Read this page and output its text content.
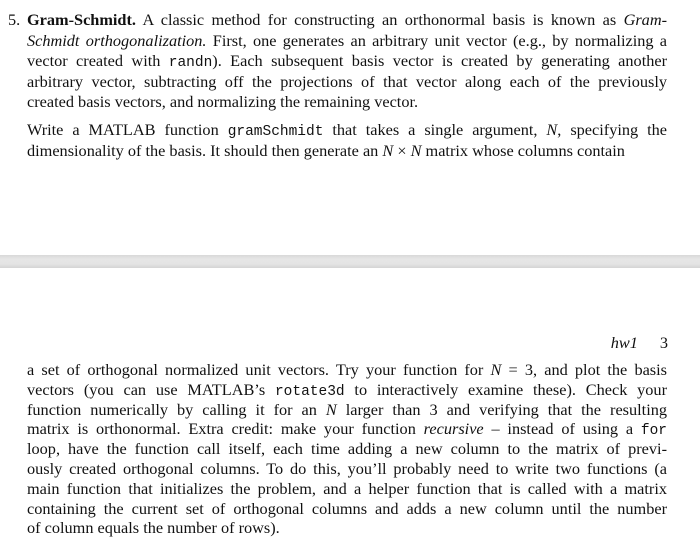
5. Gram-Schmidt. A classic method for constructing an orthonormal basis is known as Gram-
Schmidt orthogonalization. First, one generates an arbitrary unit vector (e.g., by normalizing a
vector created with randn). Each subsequent basis vector is created by generating another
arbitrary vector, subtracting off the projections of that vector along each of the previously
created basis vectors, and normalizing the remaining vector.
Write a MATLAB function gramSchmidt that takes a single argument, N, specifying the
dimensionality of the basis. It should then generate an N × N matrix whose columns contain
hw1 3
a set of orthogonal normalized unit vectors. Try your function for N = 3, and plot the basis
vectors (you can use MATLAB’s rotate3d to interactively examine these). Check your
function numerically by calling it for an N larger than 3 and verifying that the resulting
matrix is orthonormal. Extra credit: make your function recursive – instead of using a for
loop, have the function call itself, each time adding a new column to the matrix of previ-
ously created orthogonal columns. To do this, you’ll probably need to write two functions (a
main function that initializes the problem, and a helper function that is called with a matrix
containing the current set of orthogonal columns and adds a new column until the number
of column equals the number of rows).
